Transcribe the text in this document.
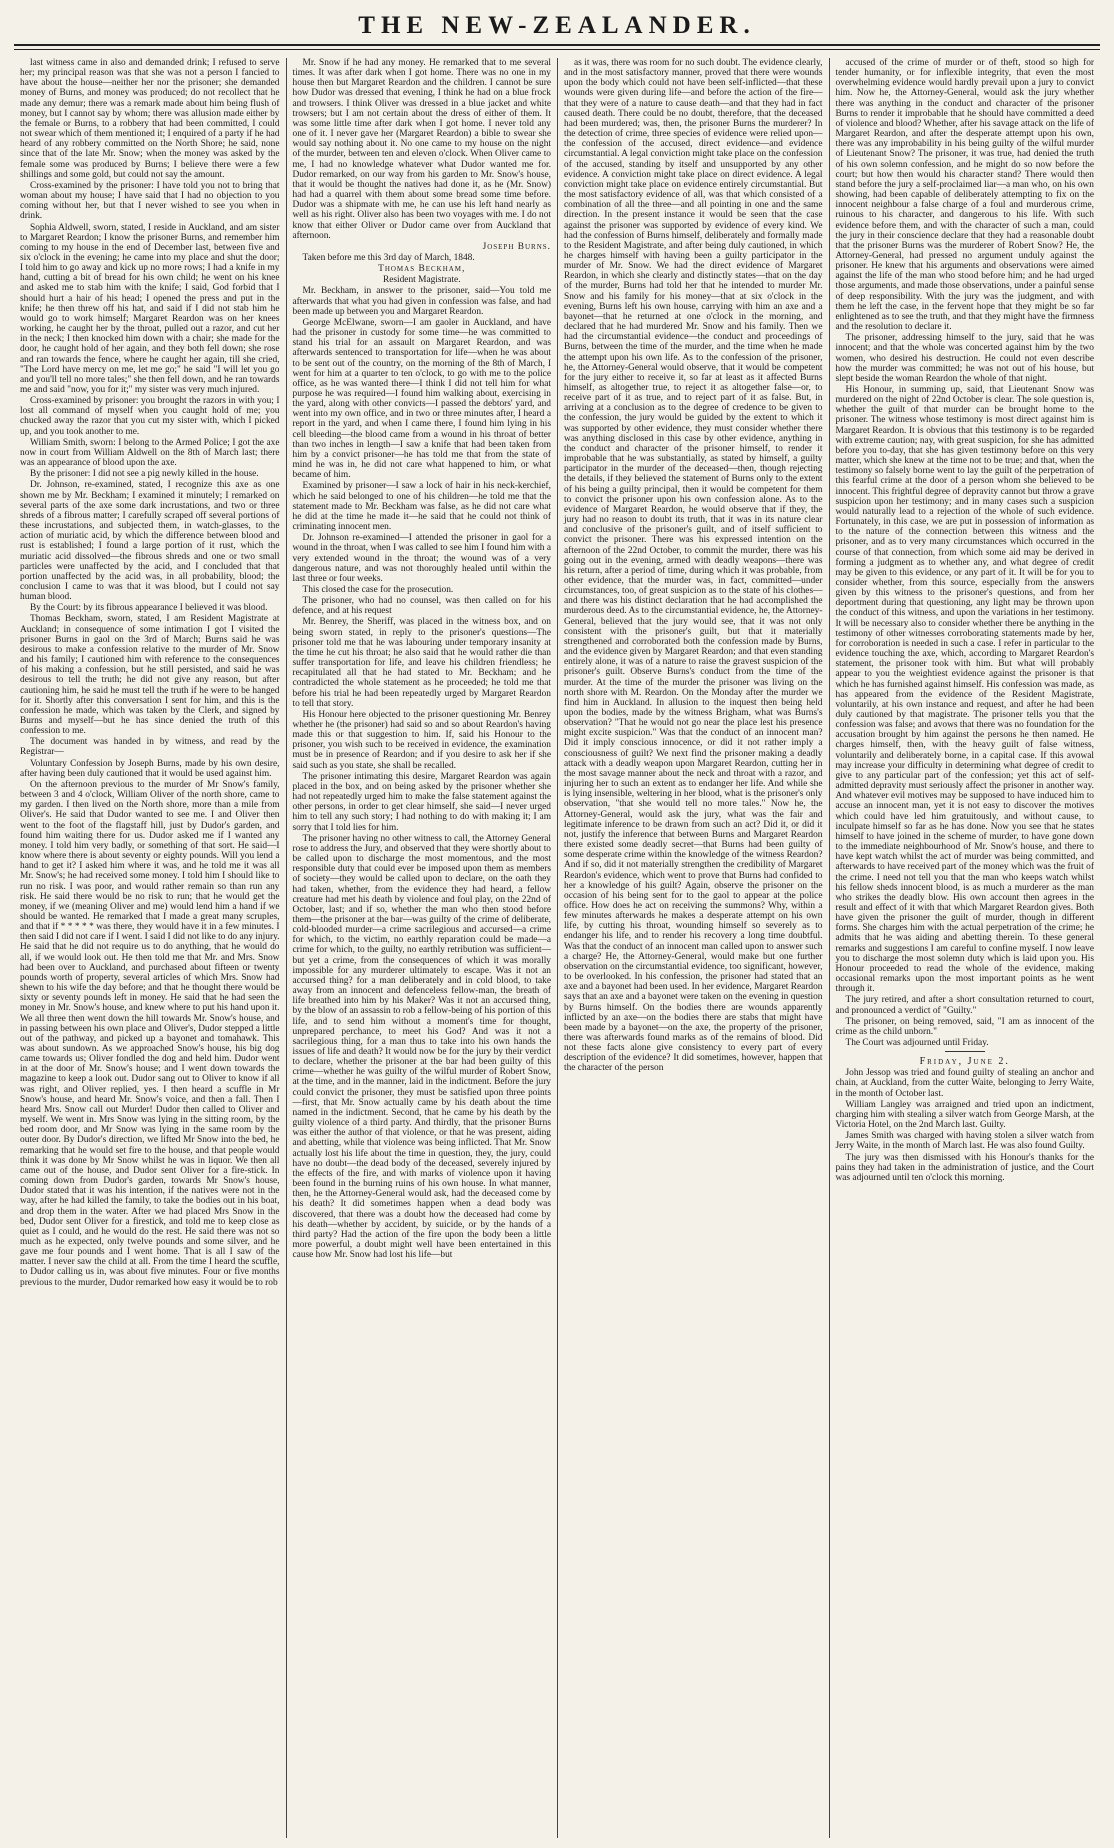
THE NEW-ZEALANDER.

last witness came in also and demanded drink; I refused to serve her; my principal reason was that she was not a person I fancied to have about the house—neither her nor the prisoner; she demanded money of Burns, and money was produced; do not recollect that he made any demur; there was a remark made about him being flush of money, but I cannot say by whom; there was allusion made either by the female or Burns, to a robbery that had been committed, I could not swear which of them mentioned it; I enquired of a party if he had heard of any robbery committed on the North Shore; he said, none since that of the late Mr. Snow; when the money was asked by the female some was produced by Burns; I believe there were a few shillings and some gold, but could not say the amount.

Cross-examined by the prisoner: I have told you not to bring that woman about my house; I have said that I had no objection to you coming without her, but that I never wished to see you when in drink.

Sophia Aldwell, sworn, stated, I reside in Auckland, and am sister to Margaret Reardon; I know the prisoner Burns, and remember him coming to my house in the end of December last, between five and six o'clock in the evening; he came into my place and shut the door; I told him to go away and kick up no more rows; I had a knife in my hand, cutting a bit of bread for his own child; he went on his knee and asked me to stab him with the knife; I said, God forbid that I should hurt a hair of his head; I opened the press and put in the knife; he then threw off his hat, and said if I did not stab him he would go to work himself; Margaret Reardon was on her knees working, he caught her by the throat, pulled out a razor, and cut her in the neck; I then knocked him down with a chair; she made for the door, he caught hold of her again, and they both fell down; she rose and ran towards the fence, where he caught her again, till she cried, "The Lord have mercy on me, let me go;" he said "I will let you go and you'll tell no more tales;" she then fell down, and he ran towards me and said "now, you for it;" my sister was very much injured.

Cross-examined by prisoner: you brought the razors in with you; I lost all command of myself when you caught hold of me; you chucked away the razor that you cut my sister with, which I picked up, and you took another to me.

William Smith, sworn: I belong to the Armed Police; I got the axe now in court from William Aldwell on the 8th of March last; there was an appearance of blood upon the axe.

By the prisoner: I did not see a pig newly killed in the house.

Dr. Johnson, re-examined, stated, I recognize this axe as one shown me by Mr. Beckham; I examined it minutely; I remarked on several parts of the axe some dark incrustations, and two or three shreds of a fibrous matter; I carefully scraped off several portions of these incrustations, and subjected them, in watch-glasses, to the action of muriatic acid, by which the difference between blood and rust is established; I found a large portion of it rust, which the muriatic acid dissolved—the fibrous shreds and one or two small particles were unaffected by the acid, and I concluded that that portion unaffected by the acid was, in all probability, blood; the conclusion I came to was that it was blood, but I could not say human blood.

By the Court: by its fibrous appearance I believed it was blood.

Thomas Beckham, sworn, stated, I am Resident Magistrate at Auckland; in consequence of some intimation I got I visited the prisoner Burns in gaol on the 3rd of March; Burns said he was desirous to make a confession relative to the murder of Mr. Snow and his family; I cautioned him with reference to the consequences of his making a confession, but he still persisted, and said he was desirous to tell the truth; he did not give any reason, but after cautioning him, he said he must tell the truth if he were to be hanged for it. Shortly after this conversation I sent for him, and this is the confession he made, which was taken by the Clerk, and signed by Burns and myself—but he has since denied the truth of this confession to me.

The document was handed in by witness, and read by the Registrar—

Voluntary Confession by Joseph Burns, made by his own desire, after having been duly cautioned that it would be used against him.

On the afternoon previous to the murder of Mr Snow's family, between 3 and 4 o'clock, William Oliver of the north shore, came to my garden. I then lived on the North shore, more than a mile from Oliver's. He said that Dudor wanted to see me. I and Oliver then went to the foot of the flagstaff hill, just by Dudor's garden, and found him waiting there for us. Dudor asked me if I wanted any money. I told him very badly, or something of that sort. He said—I know where there is about seventy or eighty pounds. Will you lend a hand to get it? I asked him where it was, and he told me it was all Mr. Snow's; he had received some money. I told him I should like to run no risk. I was poor, and would rather remain so than run any risk. He said there would be no risk to run; that he would get the money, if we (meaning Oliver and me) would lend him a hand if we should be wanted. He remarked that I made a great many scruples, and that if * * * * * was there, they would have it in a few minutes. I then said I did not care if I went. I said I did not like to do any injury. He said that he did not require us to do anything, that he would do all, if we would look out. He then told me that Mr. and Mrs. Snow had been over to Auckland, and purchased about fifteen or twenty pounds worth of property, several articles of which Mrs. Snow had shewn to his wife the day before; and that he thought there would be sixty or seventy pounds left in money. He said that he had seen the money in Mr. Snow's house, and knew where to put his hand upon it. We all three then went down the hill towards Mr. Snow's house, and in passing between his own place and Oliver's, Dudor stepped a little out of the pathway, and picked up a bayonet and tomahawk. This was about sundown. As we approached Snow's house, his big dog came towards us; Oliver fondled the dog and held him. Dudor went in at the door of Mr. Snow's house; and I went down towards the magazine to keep a look out. Dudor sang out to Oliver to know if all was right, and Oliver replied, yes. I then heard a scuffle in Mr Snow's house, and heard Mr. Snow's voice, and then a fall. Then I heard Mrs. Snow call out Murder! Dudor then called to Oliver and myself. We went in. Mrs Snow was lying in the sitting room, by the bed room door, and Mr Snow was lying in the same room by the outer door. By Dudor's direction, we lifted Mr Snow into the bed, he remarking that he would set fire to the house, and that people would think it was done by Mr Snow whilst he was in liquor. We then all came out of the house, and Dudor sent Oliver for a fire-stick. In coming down from Dudor's garden, towards Mr Snow's house, Dudor stated that it was his intention, if the natives were not in the way, after he had killed the family, to take the bodies out in his boat, and drop them in the water. After we had placed Mrs Snow in the bed, Dudor sent Oliver for a firestick, and told me to keep close as quiet as I could, and he would do the rest. He said there was not so much as he expected, only twelve pounds and some silver, and he gave me four pounds and I went home. That is all I saw of the matter. I never saw the child at all. From the time I heard the scuffle, to Dudor calling us in, was about five minutes. Four or five months previous to the murder, Dudor remarked how easy it would be to rob

Mr. Snow if he had any money. He remarked that to me several times. It was after dark when I got home. There was no one in my house then but Margaret Reardon and the children. I cannot be sure how Dudor was dressed that evening, I think he had on a blue frock and trowsers. I think Oliver was dressed in a blue jacket and white trowsers; but I am not certain about the dress of either of them. It was some little time after dark when I got home. I never told any one of it. I never gave her (Margaret Reardon) a bible to swear she would say nothing about it. No one came to my house on the night of the murder, between ten and eleven o'clock. When Oliver came to me, I had no knowledge whatever what Dudor wanted me for. Dudor remarked, on our way from his garden to Mr. Snow's house, that it would be thought the natives had done it, as he (Mr. Snow) had had a quarrel with them about some bread some time before. Dudor was a shipmate with me, he can use his left hand nearly as well as his right. Oliver also has been two voyages with me. I do not know that either Oliver or Dudor came over from Auckland that afternoon.

Joseph Burns.

Taken before me this 3rd day of March, 1848.

Thomas Beckham,

Resident Magistrate.

Mr. Beckham, in answer to the prisoner, said—You told me afterwards that what you had given in confession was false, and had been made up between you and Margaret Reardon.

George McElwane, sworn—I am gaoler in Auckland, and have had the prisoner in custody for some time—he was committed to stand his trial for an assault on Margaret Reardon, and was afterwards sentenced to transportation for life—when he was about to be sent out of the country, on the morning of the 8th of March, I went for him at a quarter to ten o'clock, to go with me to the police office, as he was wanted there—I think I did not tell him for what purpose he was required—I found him walking about, exercising in the yard, along with other convicts—I passed the debtors' yard, and went into my own office, and in two or three minutes after, I heard a report in the yard, and when I came there, I found him lying in his cell bleeding—the blood came from a wound in his throat of better than two inches in length—I saw a knife that had been taken from him by a convict prisoner—he has told me that from the state of mind he was in, he did not care what happened to him, or what became of him.

Examined by prisoner—I saw a lock of hair in his neck-kerchief, which he said belonged to one of his children—he told me that the statement made to Mr. Beckham was false, as he did not care what he did at the time he made it—he said that he could not think of criminating innocent men.

Dr. Johnson re-examined—I attended the prisoner in gaol for a wound in the throat, when I was called to see him I found him with a very extended wound in the throat; the wound was of a very dangerous nature, and was not thoroughly healed until within the last three or four weeks.

This closed the case for the prosecution.

The prisoner, who had no counsel, was then called on for his defence, and at his request

Mr. Benrey, the Sheriff, was placed in the witness box, and on being sworn stated, in reply to the prisoner's questions—The prisoner told me that he was labouring under temporary insanity at the time he cut his throat; he also said that he would rather die than suffer transportation for life, and leave his children friendless; he recapitulated all that he had stated to Mr. Beckham; and he contradicted the whole statement as he proceeded; he told me that before his trial he had been repeatedly urged by Margaret Reardon to tell that story.

His Honour here objected to the prisoner questioning Mr. Benrey whether he (the prisoner) had said so and so about Reardon's having made this or that suggestion to him. If, said his Honour to the prisoner, you wish such to be received in evidence, the examination must be in presence of Reardon; and if you desire to ask her if she said such as you state, she shall be recalled.

The prisoner intimating this desire, Margaret Reardon was again placed in the box, and on being asked by the prisoner whether she had not repeatedly urged him to make the false statement against the other persons, in order to get clear himself, she said—I never urged him to tell any such story; I had nothing to do with making it; I am sorry that I told lies for him.

The prisoner having no other witness to call, the Attorney General rose to address the Jury, and observed that they were shortly about to be called upon to discharge the most momentous, and the most responsible duty that could ever be imposed upon them as members of society—they would be called upon to declare, on the oath they had taken, whether, from the evidence they had heard, a fellow creature had met his death by violence and foul play, on the 22nd of October, last; and if so, whether the man who then stood before them—the prisoner at the bar—was guilty of the crime of deliberate, cold-blooded murder—a crime sacrilegious and accursed—a crime for which, to the victim, no earthly reparation could be made—a crime for which, to the guilty, no earthly retribution was sufficient—but yet a crime, from the consequences of which it was morally impossible for any murderer ultimately to escape. Was it not an accursed thing? for a man deliberately and in cold blood, to take away from an innocent and defenceless fellow-man, the breath of life breathed into him by his Maker? Was it not an accursed thing, by the blow of an assassin to rob a fellow-being of his portion of this life, and to send him without a moment's time for thought, unprepared perchance, to meet his God? And was it not a sacrilegious thing, for a man thus to take into his own hands the issues of life and death? It would now be for the jury by their verdict to declare, whether the prisoner at the bar had been guilty of this crime—whether he was guilty of the wilful murder of Robert Snow, at the time, and in the manner, laid in the indictment. Before the jury could convict the prisoner, they must be satisfied upon three points—first, that Mr. Snow actually came by his death about the time named in the indictment. Second, that he came by his death by the guilty violence of a third party. And thirdly, that the prisoner Burns was either the author of that violence, or that he was present, aiding and abetting, while that violence was being inflicted. That Mr. Snow actually lost his life about the time in question, they, the jury, could have no doubt—the dead body of the deceased, severely injured by the effects of the fire, and with marks of violence upon it having been found in the burning ruins of his own house. In what manner, then, he the Attorney-General would ask, had the deceased come by his death? It did sometimes happen when a dead body was discovered, that there was a doubt how the deceased had come by his death—whether by accident, by suicide, or by the hands of a third party? Had the action of the fire upon the body been a little more powerful, a doubt might well have been entertained in this cause how Mr. Snow had lost his life—but

as it was, there was room for no such doubt. The evidence clearly, and in the most satisfactory manner, proved that there were wounds upon the body which could not have been self-inflicted—that these wounds were given during life—and before the action of the fire—that they were of a nature to cause death—and that they had in fact caused death. There could be no doubt, therefore, that the deceased had been murdered; was, then, the prisoner Burns the murderer? In the detection of crime, three species of evidence were relied upon—the confession of the accused, direct evidence—and evidence circumstantial. A legal conviction might take place on the confession of the accused, standing by itself and unsupported by any other evidence. A conviction might take place on direct evidence. A legal conviction might take place on evidence entirely circumstantial. But the most satisfactory evidence of all, was that which consisted of a combination of all the three—and all pointing in one and the same direction. In the present instance it would be seen that the case against the prisoner was supported by evidence of every kind. We had the confession of Burns himself, deliberately and formally made to the Resident Magistrate, and after being duly cautioned, in which he charges himself with having been a guilty participator in the murder of Mr. Snow. We had the direct evidence of Margaret Reardon, in which she clearly and distinctly states—that on the day of the murder, Burns had told her that he intended to murder Mr. Snow and his family for his money—that at six o'clock in the evening, Burns left his own house, carrying with him an axe and a bayonet—that he returned at one o'clock in the morning, and declared that he had murdered Mr. Snow and his family. Then we had the circumstantial evidence—the conduct and proceedings of Burns, between the time of the murder, and the time when he made the attempt upon his own life. As to the confession of the prisoner, he, the Attorney-General would observe, that it would be competent for the jury either to receive it, so far at least as it affected Burns himself, as altogether true, to reject it as altogether false—or, to receive part of it as true, and to reject part of it as false. But, in arriving at a conclusion as to the degree of credence to be given to the confession, the jury would be guided by the extent to which it was supported by other evidence, they must consider whether there was anything disclosed in this case by other evidence, anything in the conduct and character of the prisoner himself, to render it improbable that he was substantially, as stated by himself, a guilty participator in the murder of the deceased—then, though rejecting the details, if they believed the statement of Burns only to the extent of his being a guilty principal, then it would be competent for them to convict the prisoner upon his own confession alone. As to the evidence of Margaret Reardon, he would observe that if they, the jury had no reason to doubt its truth, that it was in its nature clear and conclusive of the prisoner's guilt, and of itself sufficient to convict the prisoner. There was his expressed intention on the afternoon of the 22nd October, to commit the murder, there was his going out in the evening, armed with deadly weapons—there was his return, after a period of time, during which it was probable, from other evidence, that the murder was, in fact, committed—under circumstances, too, of great suspicion as to the state of his clothes—and there was his distinct declaration that he had accomplished the murderous deed. As to the circumstantial evidence, he, the Attorney-General, believed that the jury would see, that it was not only consistent with the prisoner's guilt, but that it materially strengthened and corroborated both the confession made by Burns, and the evidence given by Margaret Reardon; and that even standing entirely alone, it was of a nature to raise the gravest suspicion of the prisoner's guilt. Observe Burns's conduct from the time of the murder. At the time of the murder the prisoner was living on the north shore with M. Reardon. On the Monday after the murder we find him in Auckland. In allusion to the inquest then being held upon the bodies, made by the witness Brigham, what was Burns's observation? "That he would not go near the place lest his presence might excite suspicion." Was that the conduct of an innocent man? Did it imply conscious innocence, or did it not rather imply a consciousness of guilt? We next find the prisoner making a deadly attack with a deadly weapon upon Margaret Reardon, cutting her in the most savage manner about the neck and throat with a razor, and injuring her to such an extent as to endanger her life. And while she is lying insensible, weltering in her blood, what is the prisoner's only observation, "that she would tell no more tales." Now he, the Attorney-General, would ask the jury, what was the fair and legitimate inference to be drawn from such an act? Did it, or did it not, justify the inference that between Burns and Margaret Reardon there existed some deadly secret—that Burns had been guilty of some desperate crime within the knowledge of the witness Reardon? And if so, did it not materially strengthen the credibility of Margaret Reardon's evidence, which went to prove that Burns had confided to her a knowledge of his guilt? Again, observe the prisoner on the occasion of his being sent for to the gaol to appear at the police office. How does he act on receiving the summons? Why, within a few minutes afterwards he makes a desperate attempt on his own life, by cutting his throat, wounding himself so severely as to endanger his life, and to render his recovery a long time doubtful. Was that the conduct of an innocent man called upon to answer such a charge? He, the Attorney-General, would make but one further observation on the circumstantial evidence, too significant, however, to be overlooked. In his confession, the prisoner had stated that an axe and a bayonet had been used. In her evidence, Margaret Reardon says that an axe and a bayonet were taken on the evening in question by Burns himself. On the bodies there are wounds apparently inflicted by an axe—on the bodies there are stabs that might have been made by a bayonet—on the axe, the property of the prisoner, there was afterwards found marks as of the remains of blood. Did not these facts alone give consistency to every part of every description of the evidence? It did sometimes, however, happen that the character of the person

accused of the crime of murder or of theft, stood so high for tender humanity, or for inflexible integrity, that even the most overwhelming evidence would hardly prevail upon a jury to convict him. Now he, the Attorney-General, would ask the jury whether there was anything in the conduct and character of the prisoner Burns to render it improbable that he should have committed a deed of violence and blood? Whether, after his savage attack on the life of Margaret Reardon, and after the desperate attempt upon his own, there was any improbability in his being guilty of the wilful murder of Lieutenant Snow? The prisoner, it was true, had denied the truth of his own solemn confession, and he might do so now before the court; but how then would his character stand? There would then stand before the jury a self-proclaimed liar—a man who, on his own showing, had been capable of deliberately attempting to fix on the innocent neighbour a false charge of a foul and murderous crime, ruinous to his character, and dangerous to his life. With such evidence before them, and with the character of such a man, could the jury in their conscience declare that they had a reasonable doubt that the prisoner Burns was the murderer of Robert Snow? He, the Attorney-General, had pressed no argument unduly against the prisoner. He knew that his arguments and observations were aimed against the life of the man who stood before him; and he had urged those arguments, and made those observations, under a painful sense of deep responsibility. With the jury was the judgment, and with them he left the case, in the fervent hope that they might be so far enlightened as to see the truth, and that they might have the firmness and the resolution to declare it.

The prisoner, addressing himself to the jury, said that he was innocent; and that the whole was concerted against him by the two women, who desired his destruction. He could not even describe how the murder was committed; he was not out of his house, but slept beside the woman Reardon the whole of that night.

His Honour, in summing up, said, that Lieutenant Snow was murdered on the night of 22nd October is clear. The sole question is, whether the guilt of that murder can be brought home to the prisoner. The witness whose testimony is most direct against him is Margaret Reardon. It is obvious that this testimony is to be regarded with extreme caution; nay, with great suspicion, for she has admitted before you to-day, that she has given testimony before on this very matter, which she knew at the time not to be true; and that, when the testimony so falsely borne went to lay the guilt of the perpetration of this fearful crime at the door of a person whom she believed to be innocent. This frightful degree of depravity cannot but throw a grave suspicion upon her testimony; and in many cases such a suspicion would naturally lead to a rejection of the whole of such evidence. Fortunately, in this case, we are put in possession of information as to the nature of the connection between this witness and the prisoner, and as to very many circumstances which occurred in the course of that connection, from which some aid may be derived in forming a judgment as to whether any, and what degree of credit may be given to this evidence, or any part of it. It will be for you to consider whether, from this source, especially from the answers given by this witness to the prisoner's questions, and from her deportment during that questioning, any light may be thrown upon the conduct of this witness, and upon the variations in her testimony. It will be necessary also to consider whether there be anything in the testimony of other witnesses corroborating statements made by her, for corroboration is needed in such a case. I refer in particular to the evidence touching the axe, which, according to Margaret Reardon's statement, the prisoner took with him. But what will probably appear to you the weightiest evidence against the prisoner is that which he has furnished against himself. His confession was made, as has appeared from the evidence of the Resident Magistrate, voluntarily, at his own instance and request, and after he had been duly cautioned by that magistrate. The prisoner tells you that the confession was false; and avows that there was no foundation for the accusation brought by him against the persons he then named. He charges himself, then, with the heavy guilt of false witness, voluntarily and deliberately borne, in a capital case. If this avowal may increase your difficulty in determining what degree of credit to give to any particular part of the confession; yet this act of self-admitted depravity must seriously affect the prisoner in another way. And whatever evil motives may be supposed to have induced him to accuse an innocent man, yet it is not easy to discover the motives which could have led him gratuitously, and without cause, to inculpate himself so far as he has done. Now you see that he states himself to have joined in the scheme of murder, to have gone down to the immediate neighbourhood of Mr. Snow's house, and there to have kept watch whilst the act of murder was being committed, and afterwards to have received part of the money which was the fruit of the crime. I need not tell you that the man who keeps watch whilst his fellow sheds innocent blood, is as much a murderer as the man who strikes the deadly blow. His own account then agrees in the result and effect of it with that which Margaret Reardon gives. Both have given the prisoner the guilt of murder, though in different forms. She charges him with the actual perpetration of the crime; he admits that he was aiding and abetting therein. To these general remarks and suggestions I am careful to confine myself. I now leave you to discharge the most solemn duty which is laid upon you. His Honour proceeded to read the whole of the evidence, making occasional remarks upon the most important points as he went through it.

The jury retired, and after a short consultation returned to court, and pronounced a verdict of "Guilty."

The prisoner, on being removed, said, "I am as innocent of the crime as the child unborn."

The Court was adjourned until Friday.

Friday, June 2.

John Jessop was tried and found guilty of stealing an anchor and chain, at Auckland, from the cutter Waite, belonging to Jerry Waite, in the month of October last.

William Langley was arraigned and tried upon an indictment, charging him with stealing a silver watch from George Marsh, at the Victoria Hotel, on the 2nd March last. Guilty.

James Smith was charged with having stolen a silver watch from Jerry Waite, in the month of March last. He was also found Guilty.

The jury was then dismissed with his Honour's thanks for the pains they had taken in the administration of justice, and the Court was adjourned until ten o'clock this morning.
